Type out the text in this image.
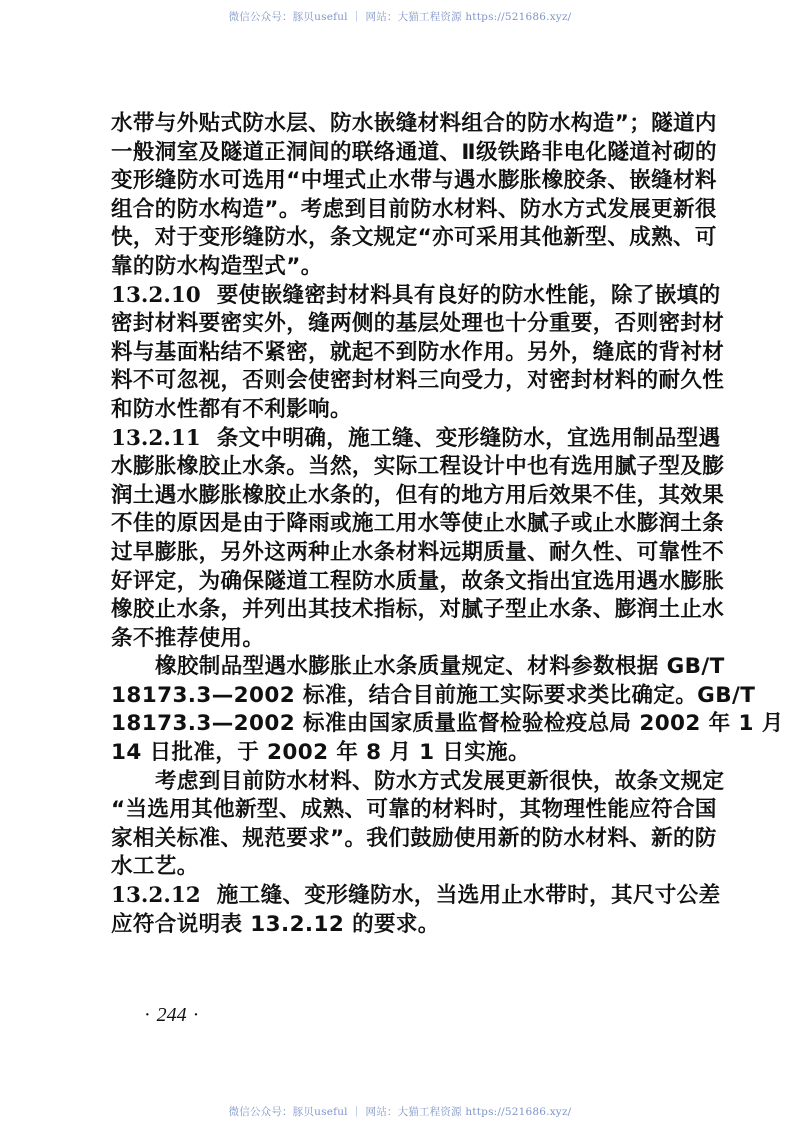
微信公众号：豚贝useful ｜ 网站：大猫工程资源 https://521686.xyz/
水带与外贴式防水层、防水嵌缝材料组合的防水构造”；隧道内
一般洞室及隧道正洞间的联络通道、Ⅱ级铁路非电化隧道衬砌的
变形缝防水可选用“中埋式止水带与遇水膨胀橡胶条、嵌缝材料
组合的防水构造”。考虑到目前防水材料、防水方式发展更新很
快，对于变形缝防水，条文规定“亦可采用其他新型、成熟、可
靠的防水构造型式”。
13.2.10 要使嵌缝密封材料具有良好的防水性能，除了嵌填的
密封材料要密实外，缝两侧的基层处理也十分重要，否则密封材
料与基面粘结不紧密，就起不到防水作用。另外，缝底的背衬材
料不可忽视，否则会使密封材料三向受力，对密封材料的耐久性
和防水性都有不利影响。
13.2.11 条文中明确，施工缝、变形缝防水，宜选用制品型遇
水膨胀橡胶止水条。当然，实际工程设计中也有选用腻子型及膨
润土遇水膨胀橡胶止水条的，但有的地方用后效果不佳，其效果
不佳的原因是由于降雨或施工用水等使止水腻子或止水膨润土条
过早膨胀，另外这两种止水条材料远期质量、耐久性、可靠性不
好评定，为确保隧道工程防水质量，故条文指出宜选用遇水膨胀
橡胶止水条，并列出其技术指标，对腻子型止水条、膨润土止水
条不推荐使用。
橡胶制品型遇水膨胀止水条质量规定、材料参数根据 GB/T
18173.3—2002 标准，结合目前施工实际要求类比确定。GB/T
18173.3—2002 标准由国家质量监督检验检疫总局 2002 年 1 月
14 日批准，于 2002 年 8 月 1 日实施。
考虑到目前防水材料、防水方式发展更新很快，故条文规定
“当选用其他新型、成熟、可靠的材料时，其物理性能应符合国
家相关标准、规范要求”。我们鼓励使用新的防水材料、新的防
水工艺。
13.2.12 施工缝、变形缝防水，当选用止水带时，其尺寸公差
应符合说明表 13.2.12 的要求。
· 244 ·
微信公众号：豚贝useful ｜ 网站：大猫工程资源 https://521686.xyz/
